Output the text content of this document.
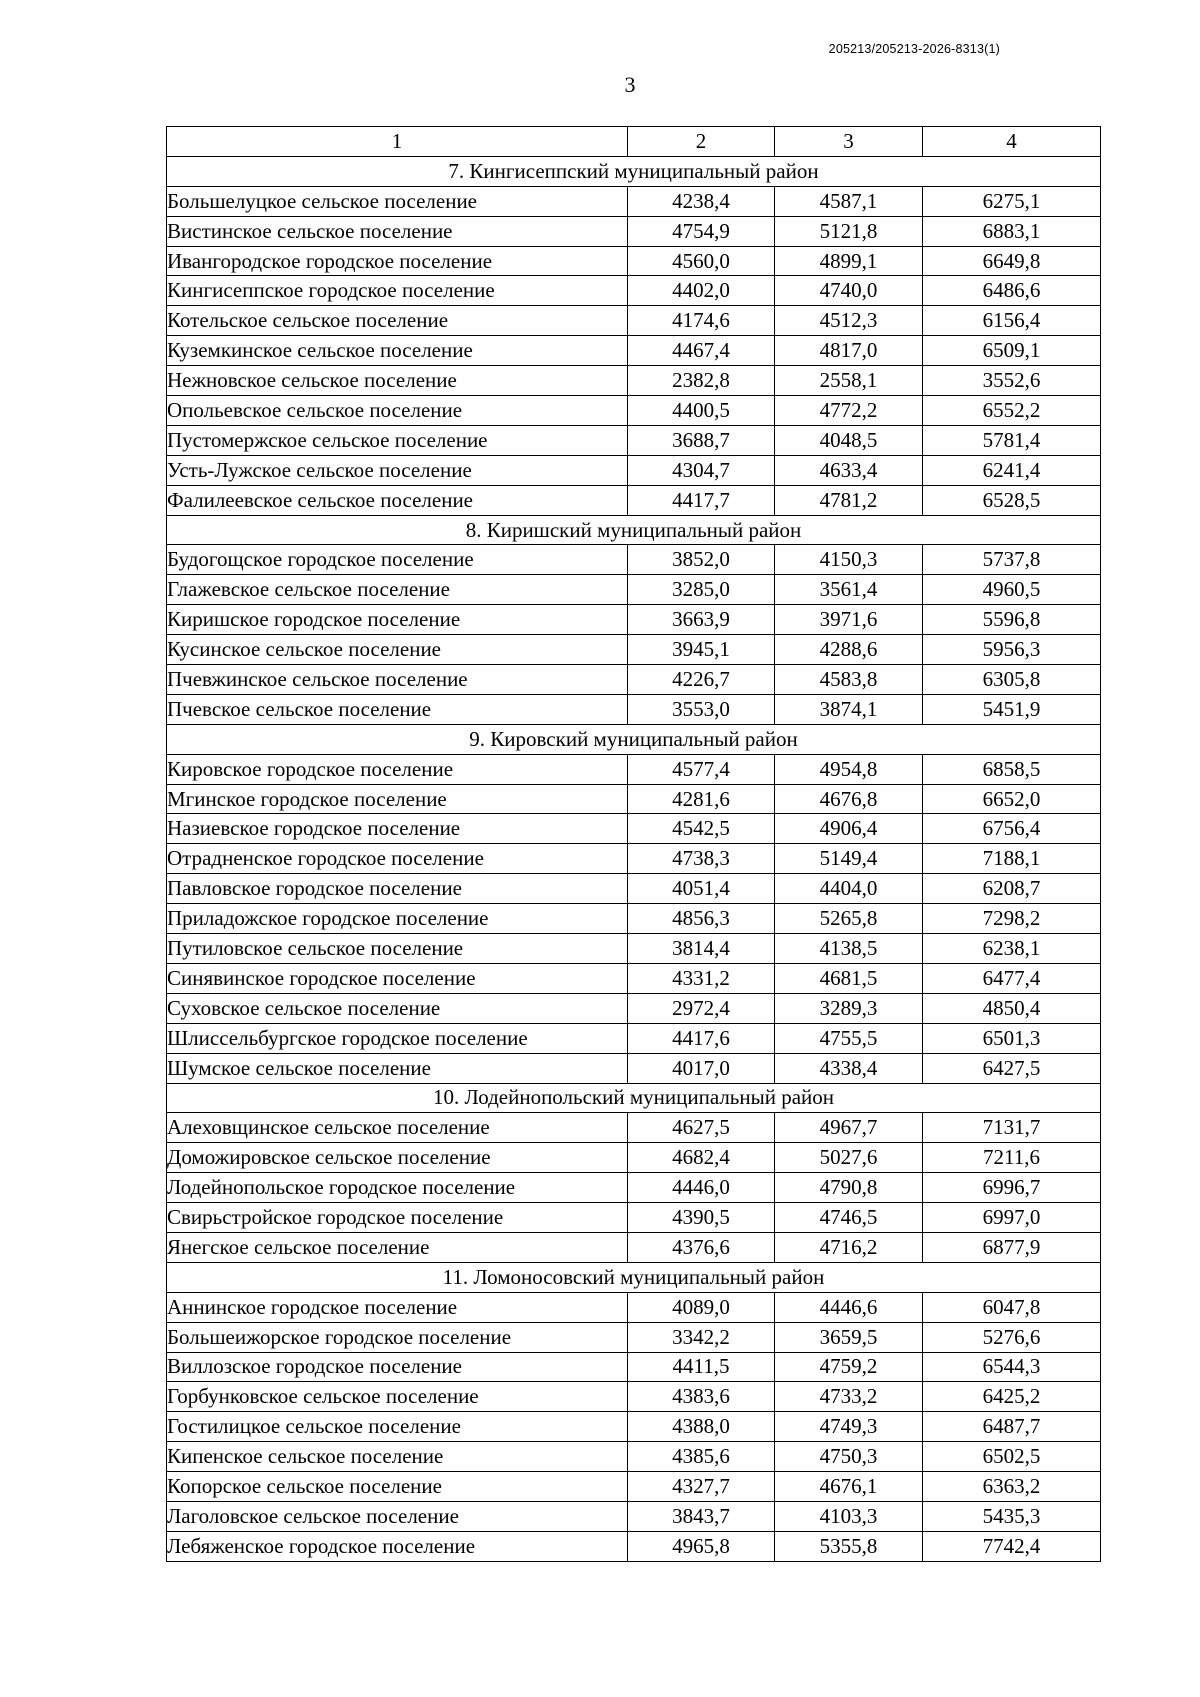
205213/205213-2026-8313(1)
3
1	2	3	4
7. Кингисеппский муниципальный район			
Большелуцкое сельское поселение	4238,4	4587,1	6275,1
Вистинское сельское поселение	4754,9	5121,8	6883,1
Ивангородское городское поселение	4560,0	4899,1	6649,8
Кингисеппское городское поселение	4402,0	4740,0	6486,6
Котельское сельское поселение	4174,6	4512,3	6156,4
Куземкинское сельское поселение	4467,4	4817,0	6509,1
Нежновское сельское поселение	2382,8	2558,1	3552,6
Опольевское сельское поселение	4400,5	4772,2	6552,2
Пустомержское сельское поселение	3688,7	4048,5	5781,4
Усть-Лужское сельское поселение	4304,7	4633,4	6241,4
Фалилеевское сельское поселение	4417,7	4781,2	6528,5
8. Киришский муниципальный район			
Будогощское городское поселение	3852,0	4150,3	5737,8
Глажевское сельское поселение	3285,0	3561,4	4960,5
Киришское городское поселение	3663,9	3971,6	5596,8
Кусинское сельское поселение	3945,1	4288,6	5956,3
Пчевжинское сельское поселение	4226,7	4583,8	6305,8
Пчевское сельское поселение	3553,0	3874,1	5451,9
9. Кировский муниципальный район			
Кировское городское поселение	4577,4	4954,8	6858,5
Мгинское городское поселение	4281,6	4676,8	6652,0
Назиевское городское поселение	4542,5	4906,4	6756,4
Отрадненское городское поселение	4738,3	5149,4	7188,1
Павловское городское поселение	4051,4	4404,0	6208,7
Приладожское городское поселение	4856,3	5265,8	7298,2
Путиловское сельское поселение	3814,4	4138,5	6238,1
Синявинское городское поселение	4331,2	4681,5	6477,4
Суховское сельское поселение	2972,4	3289,3	4850,4
Шлиссельбургское городское поселение	4417,6	4755,5	6501,3
Шумское сельское поселение	4017,0	4338,4	6427,5
10. Лодейнопольский муниципальный район			
Алеховщинское сельское поселение	4627,5	4967,7	7131,7
Доможировское сельское поселение	4682,4	5027,6	7211,6
Лодейнопольское городское поселение	4446,0	4790,8	6996,7
Свирьстройское городское поселение	4390,5	4746,5	6997,0
Янегское сельское поселение	4376,6	4716,2	6877,9
11. Ломоносовский муниципальный район			
Аннинское городское поселение	4089,0	4446,6	6047,8
Большеижорское городское поселение	3342,2	3659,5	5276,6
Виллозское городское поселение	4411,5	4759,2	6544,3
Горбунковское сельское поселение	4383,6	4733,2	6425,2
Гостилицкое сельское поселение	4388,0	4749,3	6487,7
Кипенское сельское поселение	4385,6	4750,3	6502,5
Копорское сельское поселение	4327,7	4676,1	6363,2
Лаголовское сельское поселение	3843,7	4103,3	5435,3
Лебяженское городское поселение	4965,8	5355,8	7742,4
